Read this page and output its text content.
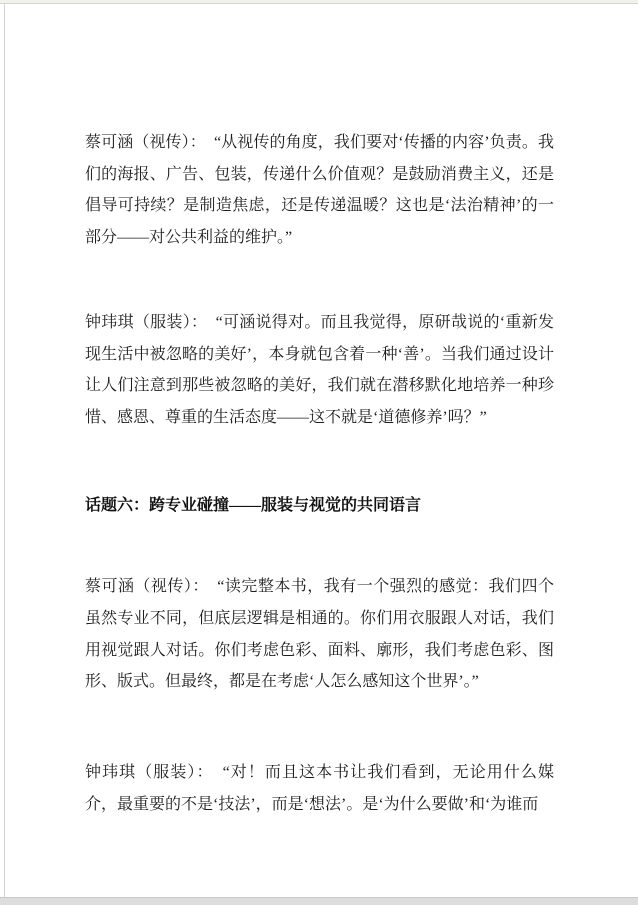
蔡可涵（视传）：　“从视传的角度，我们要对‘传播的内容’负责。我们的海报、广告、包装，传递什么价值观？是鼓励消费主义，还是倡导可持续？是制造焦虑，还是传递温暖？这也是‘法治精神’的一部分——对公共利益的维护。”

钟玮琪（服装）：　“可涵说得对。而且我觉得，原研哉说的‘重新发现生活中被忽略的美好’，本身就包含着一种‘善’。当我们通过设计让人们注意到那些被忽略的美好，我们就在潜移默化地培养一种珍惜、感恩、尊重的生活态度——这不就是‘道德修养’吗？”

话题六：跨专业碰撞——服装与视觉的共同语言

蔡可涵（视传）：　“读完整本书，我有一个强烈的感觉：我们四个虽然专业不同，但底层逻辑是相通的。你们用衣服跟人对话，我们用视觉跟人对话。你们考虑色彩、面料、廓形，我们考虑色彩、图形、版式。但最终，都是在考虑‘人怎么感知这个世界’。”

钟玮琪（服装）：　“对！而且这本书让我们看到，无论用什么媒介，最重要的不是‘技法’，而是‘想法’。是‘为什么要做’和‘为谁而
